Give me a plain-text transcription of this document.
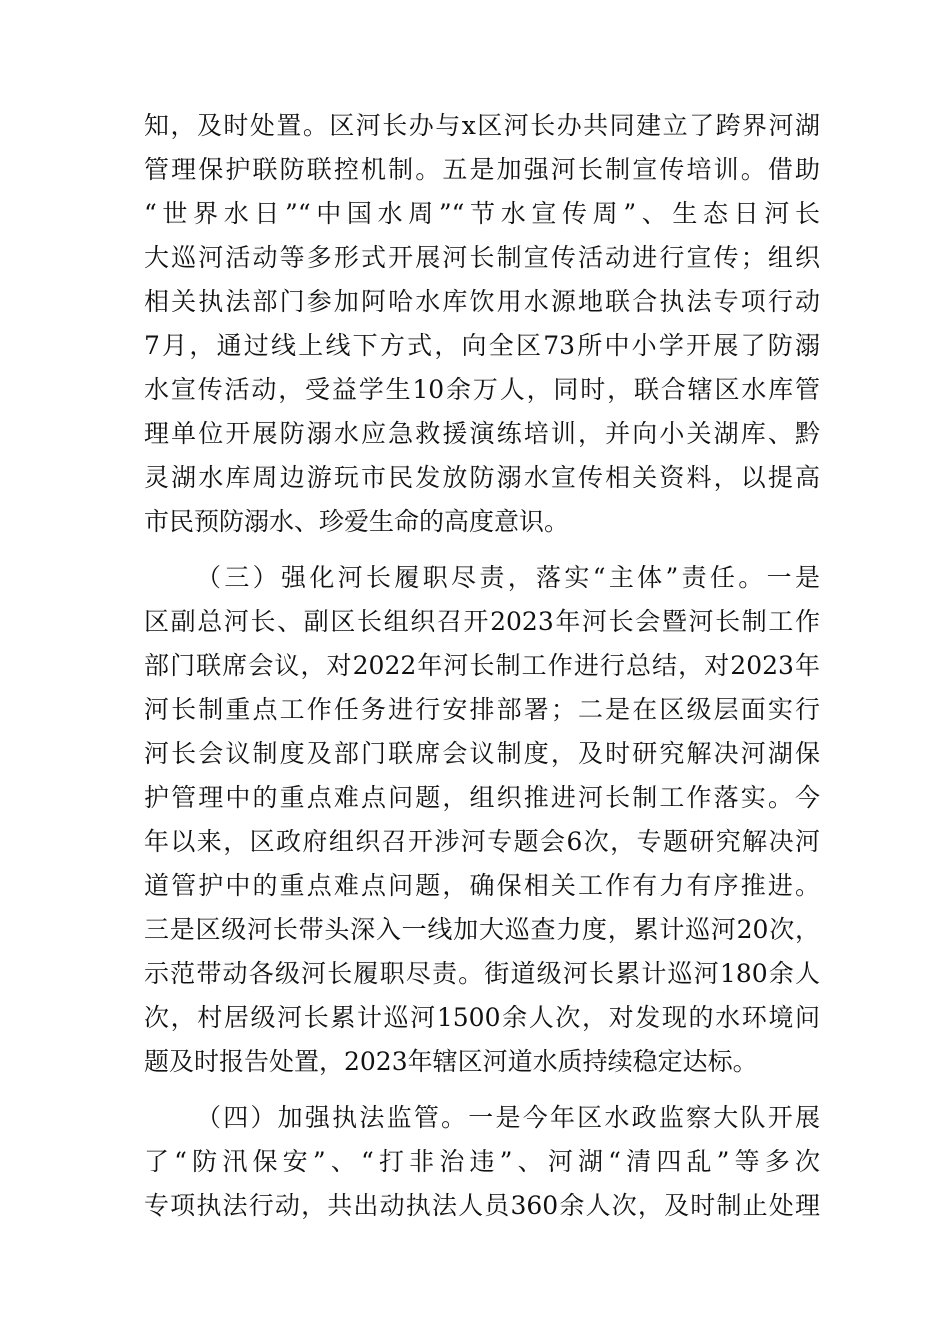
知，及时处置。区河长办与x区河长办共同建立了跨界河湖
管理保护联防联控机制。五是加强河长制宣传培训。借助
“世界水日”“中国水周”“节水宣传周”、生态日河长
大巡河活动等多形式开展河长制宣传活动进行宣传；组织
相关执法部门参加阿哈水库饮用水源地联合执法专项行动
7月，通过线上线下方式，向全区73所中小学开展了防溺
水宣传活动，受益学生10余万人，同时，联合辖区水库管
理单位开展防溺水应急救援演练培训，并向小关湖库、黔
灵湖水库周边游玩市民发放防溺水宣传相关资料，以提高
市民预防溺水、珍爱生命的高度意识。
（三）强化河长履职尽责，落实“主体”责任。一是
区副总河长、副区长组织召开2023年河长会暨河长制工作
部门联席会议，对2022年河长制工作进行总结，对2023年
河长制重点工作任务进行安排部署；二是在区级层面实行
河长会议制度及部门联席会议制度，及时研究解决河湖保
护管理中的重点难点问题，组织推进河长制工作落实。今
年以来，区政府组织召开涉河专题会6次，专题研究解决河
道管护中的重点难点问题，确保相关工作有力有序推进。
三是区级河长带头深入一线加大巡查力度，累计巡河20次，
示范带动各级河长履职尽责。街道级河长累计巡河180余人
次，村居级河长累计巡河1500余人次，对发现的水环境问
题及时报告处置，2023年辖区河道水质持续稳定达标。
（四）加强执法监管。一是今年区水政监察大队开展
了“防汛保安”、“打非治违”、河湖“清四乱”等多次
专项执法行动，共出动执法人员360余人次，及时制止处理
